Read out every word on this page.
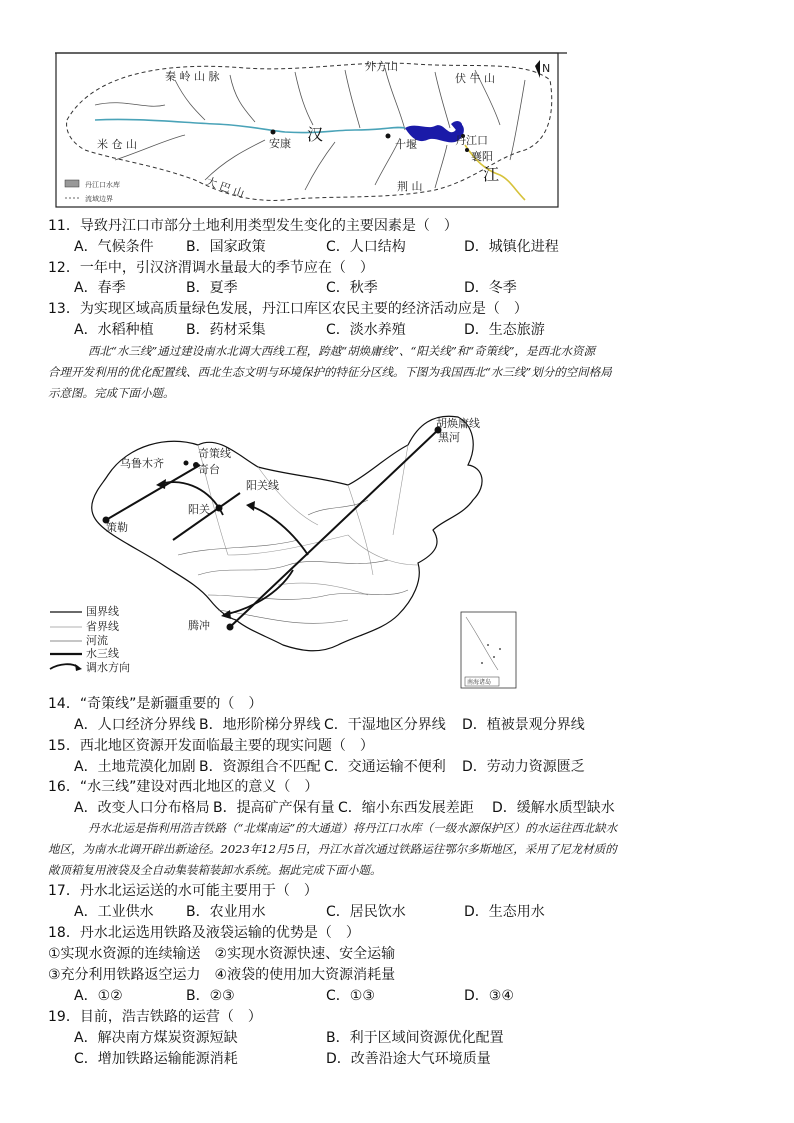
秦 岭 山 脉
外方山
伏 牛 山
米 仓 山
大 巴 山	荆 山
安康 汉
江
十堰	丹江口
襄阳
N
丹江口水库
流域边界
11．导致丹江口市部分土地利用类型发生变化的主要因素是（　）
A．气候条件 B．国家政策	C．人口结构	D．城镇化进程
12．一年中，引汉济渭调水量最大的季节应在（　）
A．春季	B．夏季	C．秋季	D．冬季
13．为实现区域高质量绿色发展，丹江口库区农民主要的经济活动应是（　）
A．水稻种植 B．药材采集	C．淡水养殖	D．生态旅游
西北“水三线”通过建设南水北调大西线工程，跨越“胡焕庸线”、“阳关线”和“奇策线”，是西北水资源
合理开发利用的优化配置线、西北生态文明与环境保护的特征分区线。下图为我国西北“水三线”划分的空间格局
示意图。完成下面小题。
胡焕庸线
黑河
奇策线
乌鲁木齐	奇台
阳关线
阳关
策勒
腾冲
南海诸岛
国界线
省界线
河流
水三线
调水方向
14．“奇策线”是新疆重要的（　）
A．人口经济分界线 B．地形阶梯分界线 C．干湿地区分界线 D．植被景观分界线
15．西北地区资源开发面临最主要的现实问题（　）
A．土地荒漠化加剧 B．资源组合不匹配 C．交通运输不便利 D．劳动力资源匮乏
16．“水三线”建设对西北地区的意义（　）
A．改变人口分布格局 B．提高矿产保有量 C．缩小东西发展差距 D．缓解水质型缺水
丹水北运是指利用浩吉铁路（“北煤南运”的大通道）将丹江口水库（一级水源保护区）的水运往西北缺水
地区，为南水北调开辟出新途径。2023年12月5日，丹江水首次通过铁路运往鄂尔多斯地区，采用了尼龙材质的
敞顶箱复用液袋及全自动集装箱装卸水系统。据此完成下面小题。
17．丹水北运运送的水可能主要用于（　）
A．工业供水 B．农业用水	C．居民饮水	D．生态用水
18．丹水北运选用铁路及液袋运输的优势是（　）
①实现水资源的连续输送　②实现水资源快速、安全运输
③充分利用铁路返空运力　④液袋的使用加大资源消耗量
A．①②	B．②③	C．①③	D．③④
19．目前，浩吉铁路的运营（　）
A．解决南方煤炭资源短缺	B．利于区域间资源优化配置
C．增加铁路运输能源消耗	D．改善沿途大气环境质量
